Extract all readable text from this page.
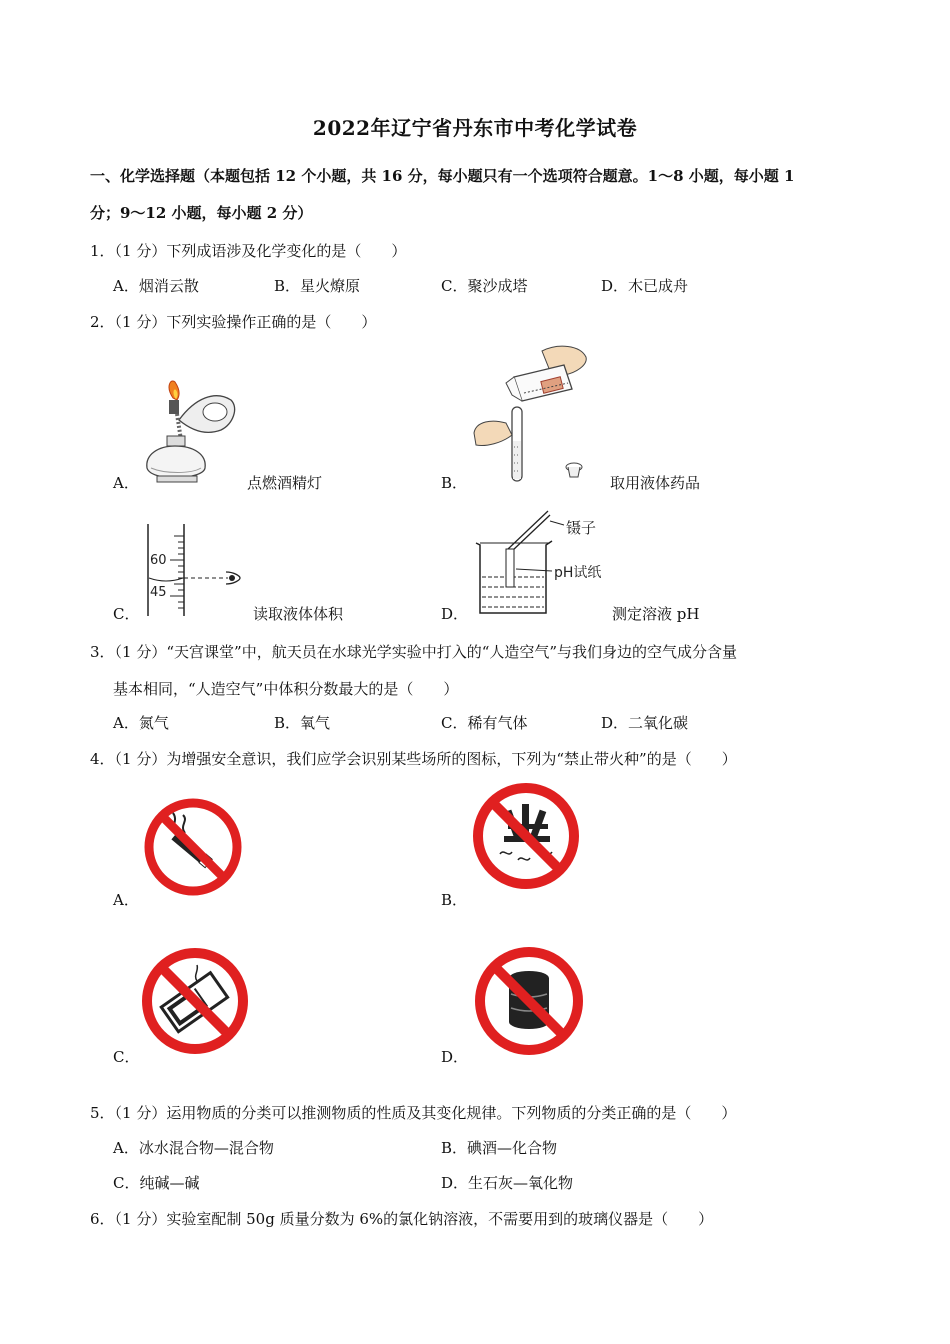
2022年辽宁省丹东市中考化学试卷
一、化学选择题（本题包括 12 个小题，共 16 分，每小题只有一个选项符合题意。1～8 小题，每小题 1
分；9～12 小题，每小题 2 分）
1．（1 分）下列成语涉及化学变化的是（　　）
A．烟消云散	B．星火燎原	C．聚沙成塔	D．木已成舟
2．（1 分）下列实验操作正确的是（　　）
A．	点燃酒精灯	B．	取用液体药品
60
45
C．	读取液体体积
镊子
pH试纸
D．	测定溶液 pH
3．（1 分）“天宫课堂”中，航天员在水球光学实验中打入的“人造空气”与我们身边的空气成分含量
基本相同，“人造空气”中体积分数最大的是（　　）
A．氮气	B．氧气	C．稀有气体	D．二氧化碳
4．（1 分）为增强安全意识，我们应学会识别某些场所的图标，下列为“禁止带火种”的是（　　）
A．	B．
C．	D．
5．（1 分）运用物质的分类可以推测物质的性质及其变化规律。下列物质的分类正确的是（　　）
A．冰水混合物—混合物	B．碘酒—化合物
C．纯碱—碱	D．生石灰—氧化物
6．（1 分）实验室配制 50g 质量分数为 6%的氯化钠溶液，不需要用到的玻璃仪器是（　　）
